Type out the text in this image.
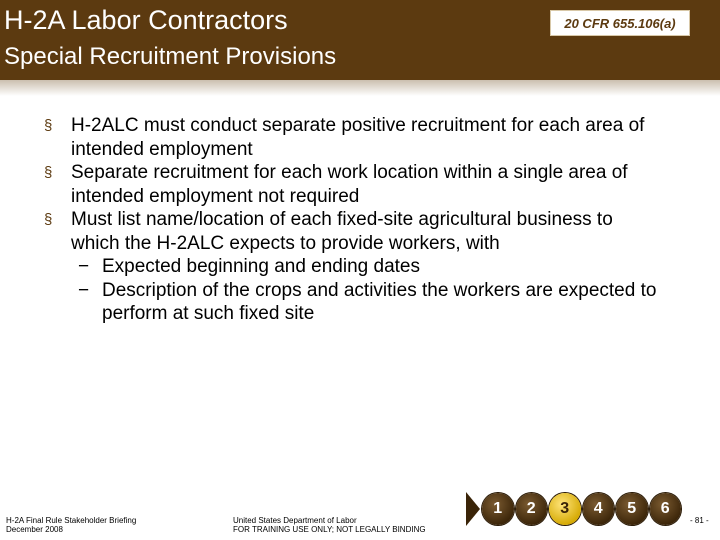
H-2A Labor Contractors
Special Recruitment Provisions
20 CFR 655.106(a)
§ H-2ALC must conduct separate positive recruitment for each area of intended employment
§ Separate recruitment for each work location within a single area of intended employment not required
§ Must list name/location of each fixed-site agricultural business to which the H-2ALC expects to provide workers, with
− Expected beginning and ending dates
− Description of the crops and activities the workers are expected to perform at such fixed site
H-2A Final Rule Stakeholder Briefing
December 2008
United States Department of Labor
FOR TRAINING USE ONLY; NOT LEGALLY BINDING
1	2	3	4	5	6
- 81 -
